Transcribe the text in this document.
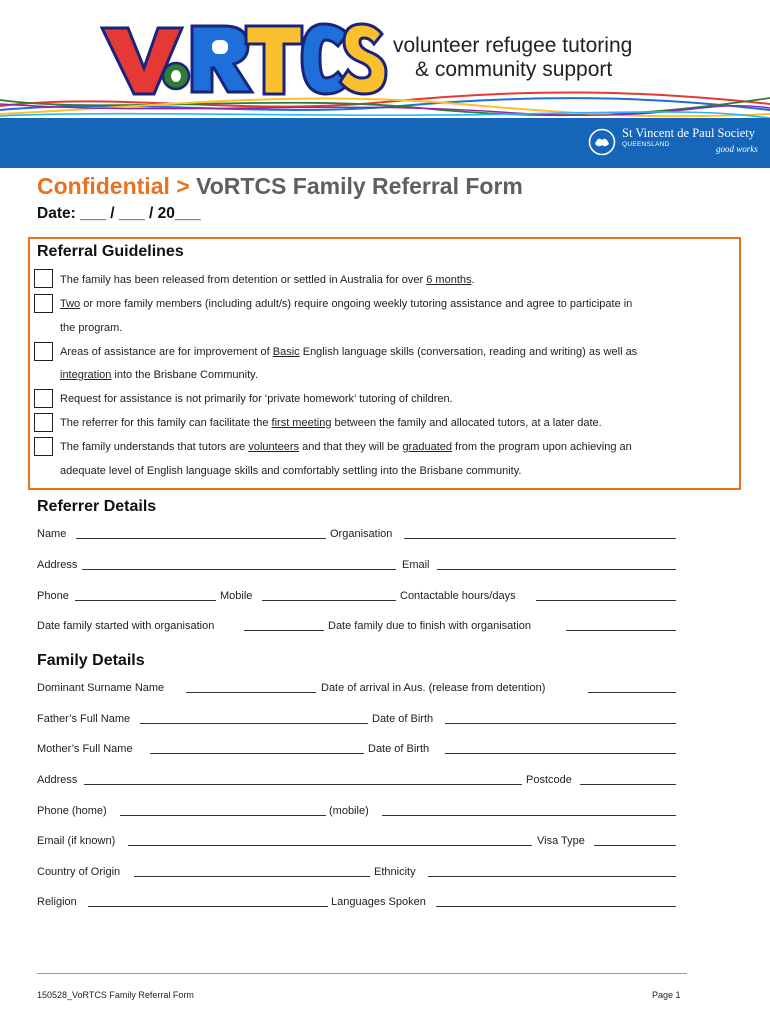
volunteer refugee tutoring
& community support
St Vincent de Paul Society
QUEENSLAND	good works
Confidential > VoRTCS Family Referral Form
Date: ___ / ___ / 20___
Referral Guidelines
The family has been released from detention or settled in Australia for over 6 months.
Two or more family members (including adult/s) require ongoing weekly tutoring assistance and agree to participate in
the program.
Areas of assistance are for improvement of Basic English language skills (conversation, reading and writing) as well as
integration into the Brisbane Community.
Request for assistance is not primarily for ‘private homework’ tutoring of children.
The referrer for this family can facilitate the first meeting between the family and allocated tutors, at a later date.
The family understands that tutors are volunteers and that they will be graduated from the program upon achieving an
adequate level of English language skills and comfortably settling into the Brisbane community.
Referrer Details
Name	Organisation
Address	Email
Phone	Mobile	Contactable hours/days
Date family started with organisation	Date family due to finish with organisation
Family Details
Dominant Surname Name	Date of arrival in Aus. (release from detention)
Father’s Full Name	Date of Birth
Mother’s Full Name	Date of Birth
Address	Postcode
Phone (home)	(mobile)
Email (if known)	Visa Type
Country of Origin	Ethnicity
Religion	Languages Spoken
150528_VoRTCS Family Referral Form	Page 1
